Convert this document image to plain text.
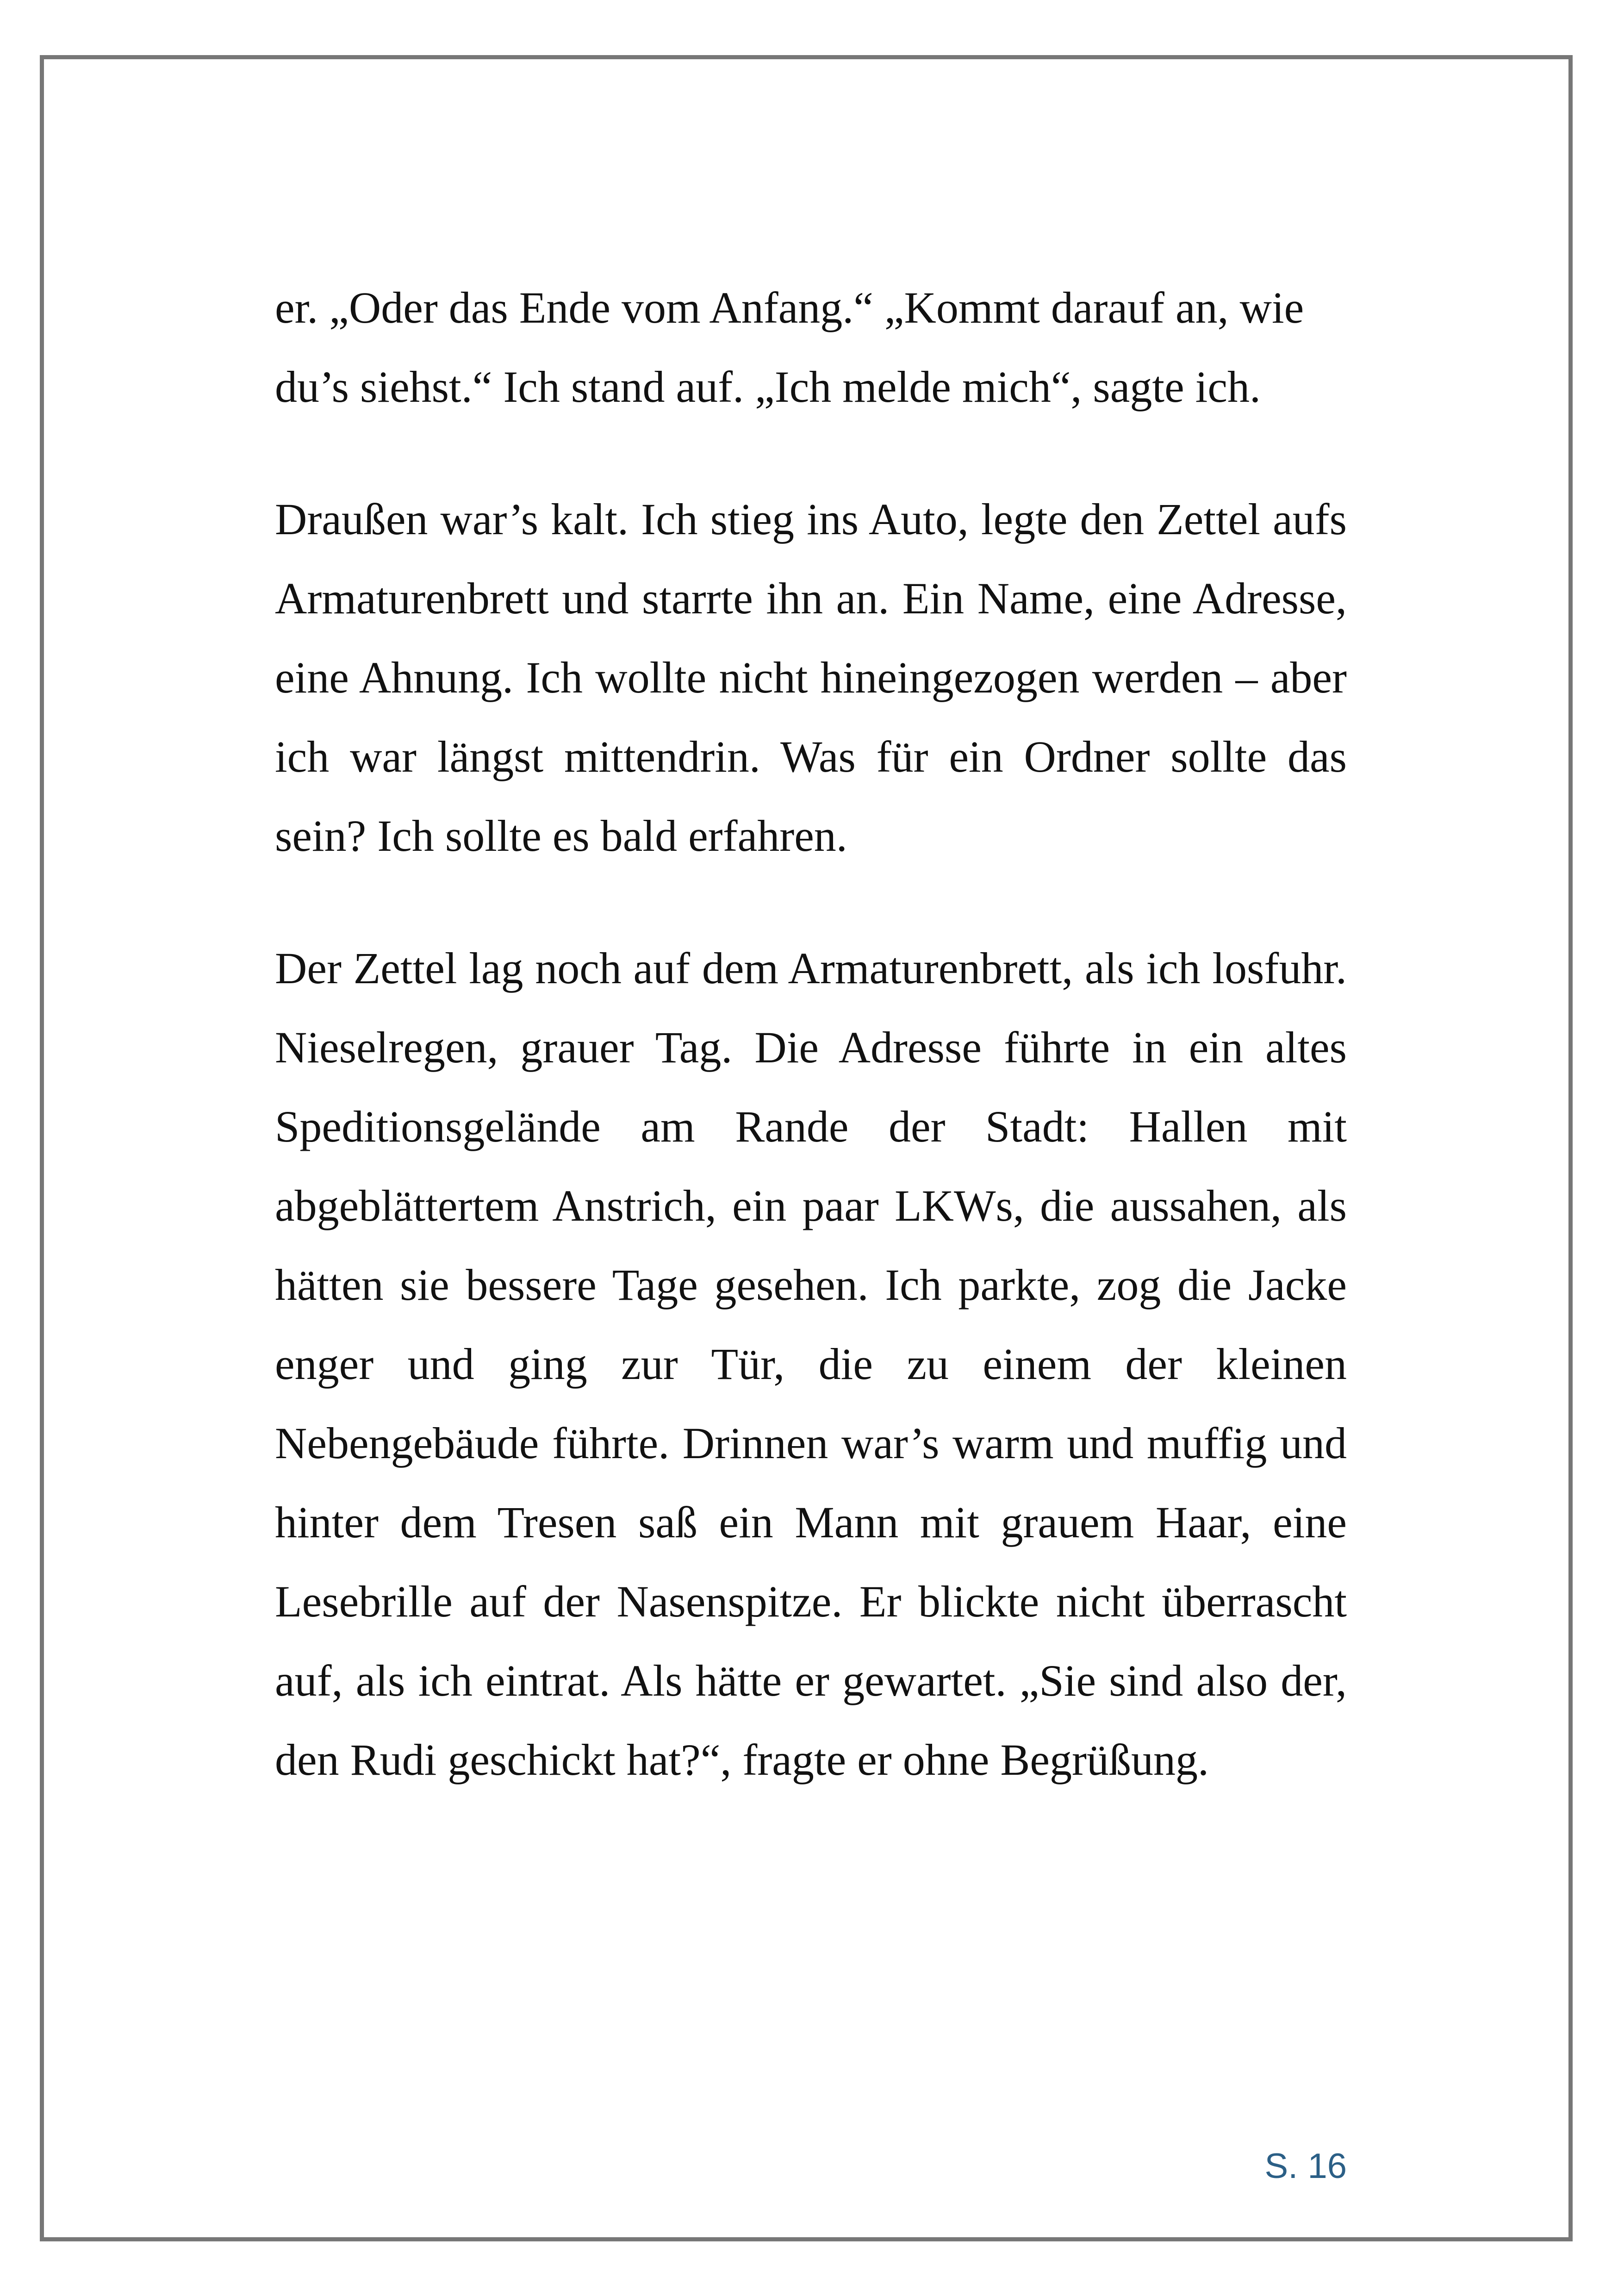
er. „Oder das Ende vom Anfang.“ „Kommt darauf an, wie du’s siehst.“ Ich stand auf. „Ich melde mich“, sagte ich.

Draußen war’s kalt. Ich stieg ins Auto, legte den Zettel aufs Armaturenbrett und starrte ihn an. Ein Name, eine Adresse, eine Ahnung. Ich wollte nicht hineingezogen werden – aber ich war längst mittendrin. Was für ein Ordner sollte das sein? Ich sollte es bald erfahren.

Der Zettel lag noch auf dem Armaturenbrett, als ich losfuhr. Nieselregen, grauer Tag. Die Adresse führte in ein altes Speditionsgelände am Rande der Stadt: Hallen mit abgeblättertem Anstrich, ein paar LKWs, die aussahen, als hätten sie bessere Tage gesehen. Ich parkte, zog die Jacke enger und ging zur Tür, die zu einem der kleinen Nebengebäude führte. Drinnen war’s warm und muffig und hinter dem Tresen saß ein Mann mit grauem Haar, eine Lesebrille auf der Nasenspitze. Er blickte nicht überrascht auf, als ich eintrat. Als hätte er gewartet. „Sie sind also der, den Rudi geschickt hat?“, fragte er ohne Begrüßung.

S. 16
